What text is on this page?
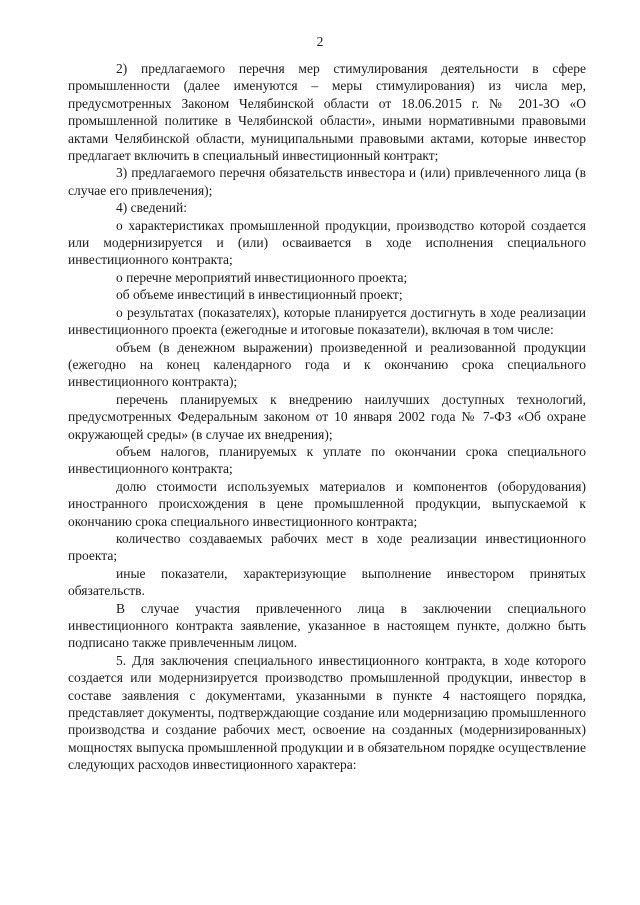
2

2) предлагаемого перечня мер стимулирования деятельности в сфере промышленности (далее именуются – меры стимулирования) из числа мер, предусмотренных Законом Челябинской области от 18.06.2015 г. № 201-ЗО «О промышленной политике в Челябинской области», иными нормативными правовыми актами Челябинской области, муниципальными правовыми актами, которые инвестор предлагает включить в специальный инвестиционный контракт;

3) предлагаемого перечня обязательств инвестора и (или) привлеченного лица (в случае его привлечения);

4) сведений:

о характеристиках промышленной продукции, производство которой создается или модернизируется и (или) осваивается в ходе исполнения специального инвестиционного контракта;

о перечне мероприятий инвестиционного проекта;

об объеме инвестиций в инвестиционный проект;

о результатах (показателях), которые планируется достигнуть в ходе реализации инвестиционного проекта (ежегодные и итоговые показатели), включая в том числе:

объем (в денежном выражении) произведенной и реализованной продукции (ежегодно на конец календарного года и к окончанию срока специального инвестиционного контракта);

перечень планируемых к внедрению наилучших доступных технологий, предусмотренных Федеральным законом от 10 января 2002 года № 7-ФЗ «Об охране окружающей среды» (в случае их внедрения);

объем налогов, планируемых к уплате по окончании срока специального инвестиционного контракта;

долю стоимости используемых материалов и компонентов (оборудования) иностранного происхождения в цене промышленной продукции, выпускаемой к окончанию срока специального инвестиционного контракта;

количество создаваемых рабочих мест в ходе реализации инвестиционного проекта;

иные показатели, характеризующие выполнение инвестором принятых обязательств.

В случае участия привлеченного лица в заключении специального инвестиционного контракта заявление, указанное в настоящем пункте, должно быть подписано также привлеченным лицом.

5. Для заключения специального инвестиционного контракта, в ходе которого создается или модернизируется производство промышленной продукции, инвестор в составе заявления с документами, указанными в пункте 4 настоящего порядка, представляет документы, подтверждающие создание или модернизацию промышленного производства и создание рабочих мест, освоение на созданных (модернизированных) мощностях выпуска промышленной продукции и в обязательном порядке осуществление следующих расходов инвестиционного характера:
